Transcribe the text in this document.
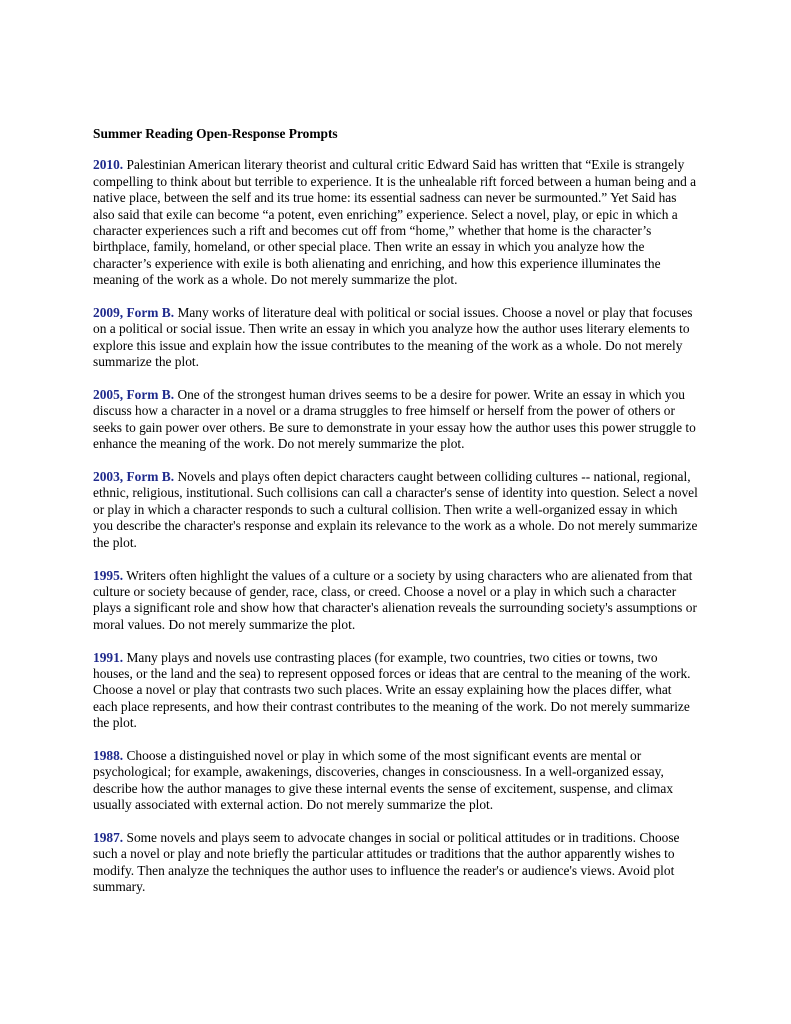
Summer Reading Open-Response Prompts

2010. Palestinian American literary theorist and cultural critic Edward Said has written that “Exile is strangely compelling to think about but terrible to experience. It is the unhealable rift forced between a human being and a native place, between the self and its true home: its essential sadness can never be surmounted.” Yet Said has also said that exile can become “a potent, even enriching” experience. Select a novel, play, or epic in which a character experiences such a rift and becomes cut off from “home,” whether that home is the character’s birthplace, family, homeland, or other special place. Then write an essay in which you analyze how the character’s experience with exile is both alienating and enriching, and how this experience illuminates the meaning of the work as a whole. Do not merely summarize the plot.

2009, Form B. Many works of literature deal with political or social issues. Choose a novel or play that focuses on a political or social issue. Then write an essay in which you analyze how the author uses literary elements to explore this issue and explain how the issue contributes to the meaning of the work as a whole. Do not merely summarize the plot.

2005, Form B. One of the strongest human drives seems to be a desire for power. Write an essay in which you discuss how a character in a novel or a drama struggles to free himself or herself from the power of others or seeks to gain power over others. Be sure to demonstrate in your essay how the author uses this power struggle to enhance the meaning of the work. Do not merely summarize the plot.

2003, Form B. Novels and plays often depict characters caught between colliding cultures -- national, regional, ethnic, religious, institutional. Such collisions can call a character's sense of identity into question. Select a novel or play in which a character responds to such a cultural collision. Then write a well-organized essay in which you describe the character's response and explain its relevance to the work as a whole. Do not merely summarize the plot.

1995. Writers often highlight the values of a culture or a society by using characters who are alienated from that culture or society because of gender, race, class, or creed. Choose a novel or a play in which such a character plays a significant role and show how that character's alienation reveals the surrounding society's assumptions or moral values. Do not merely summarize the plot.

1991. Many plays and novels use contrasting places (for example, two countries, two cities or towns, two houses, or the land and the sea) to represent opposed forces or ideas that are central to the meaning of the work. Choose a novel or play that contrasts two such places. Write an essay explaining how the places differ, what each place represents, and how their contrast contributes to the meaning of the work. Do not merely summarize the plot.

1988. Choose a distinguished novel or play in which some of the most significant events are mental or psychological; for example, awakenings, discoveries, changes in consciousness. In a well-organized essay, describe how the author manages to give these internal events the sense of excitement, suspense, and climax usually associated with external action. Do not merely summarize the plot.

1987. Some novels and plays seem to advocate changes in social or political attitudes or in traditions. Choose such a novel or play and note briefly the particular attitudes or traditions that the author apparently wishes to modify. Then analyze the techniques the author uses to influence the reader's or audience's views. Avoid plot summary.
